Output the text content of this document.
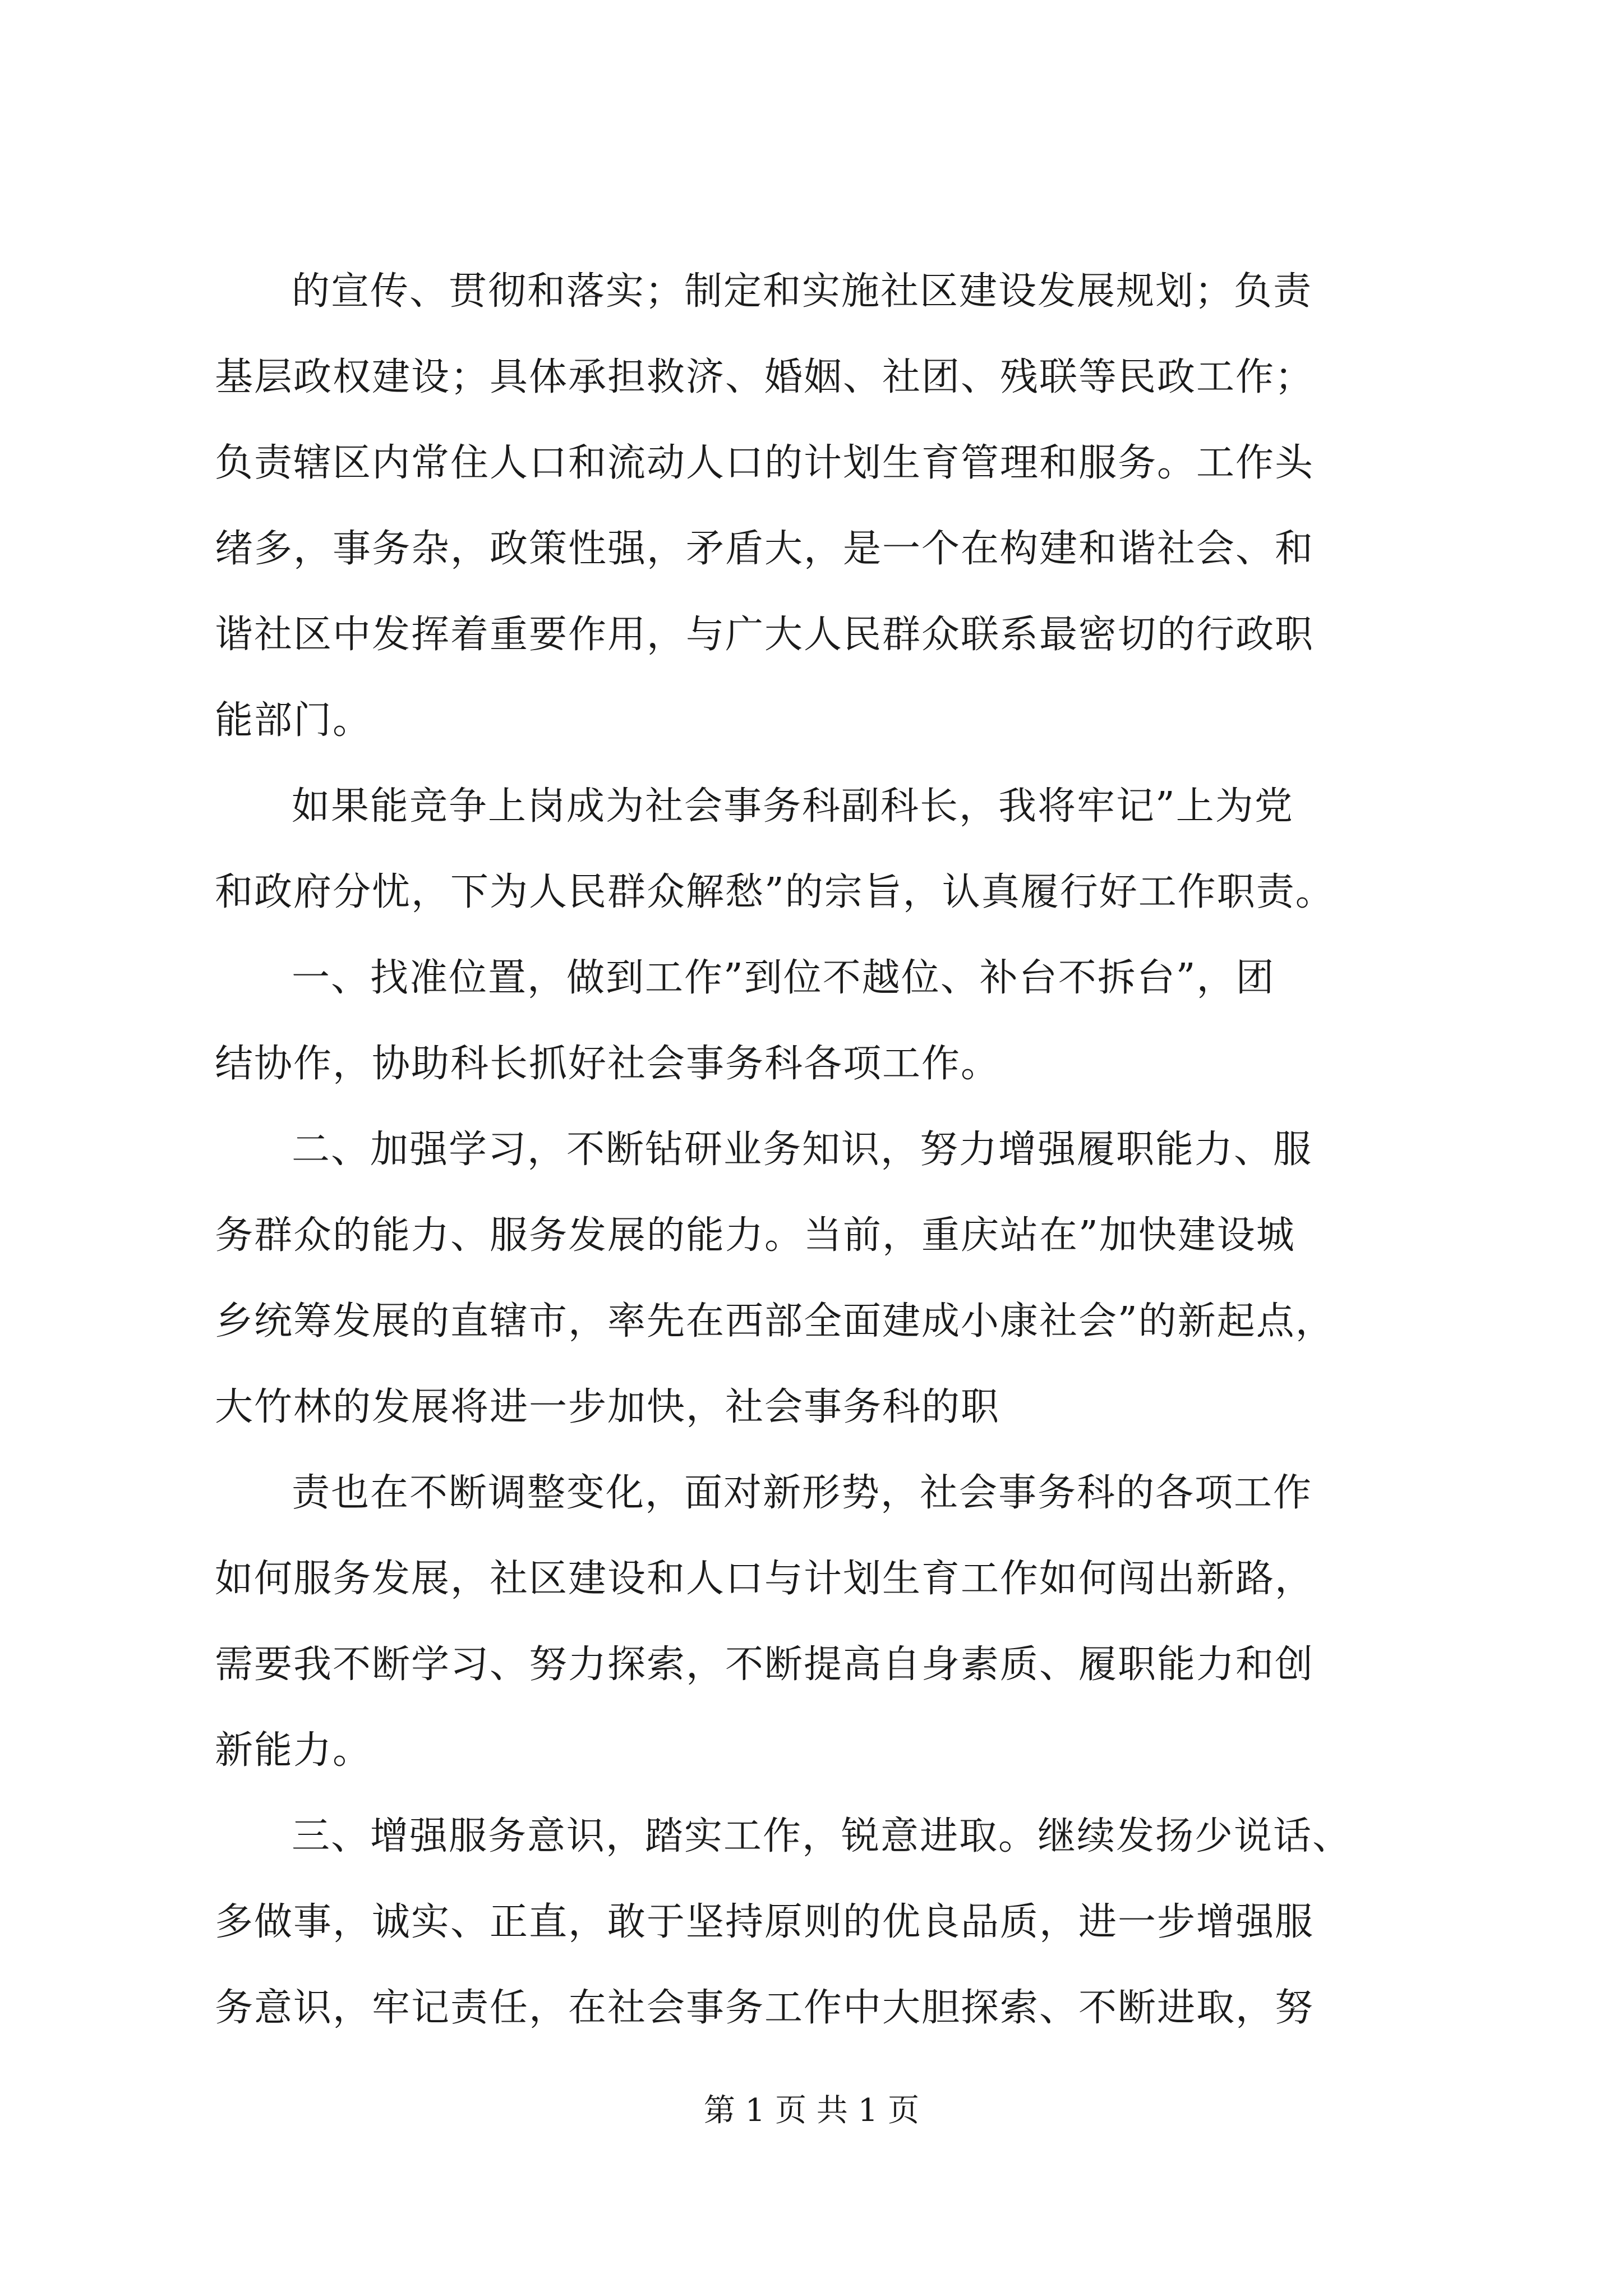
的宣传、贯彻和落实；制定和实施社区建设发展规划；负责

基层政权建设；具体承担救济、婚姻、社团、残联等民政工作；

负责辖区内常住人口和流动人口的计划生育管理和服务。工作头

绪多，事务杂，政策性强，矛盾大，是一个在构建和谐社会、和

谐社区中发挥着重要作用，与广大人民群众联系最密切的行政职

能部门。

如果能竞争上岗成为社会事务科副科长，我将牢记”上为党

和政府分忧，下为人民群众解愁”的宗旨，认真履行好工作职责。

一、找准位置，做到工作”到位不越位、补台不拆台”，团

结协作，协助科长抓好社会事务科各项工作。

二、加强学习，不断钻研业务知识，努力增强履职能力、服

务群众的能力、服务发展的能力。当前，重庆站在”加快建设城

乡统筹发展的直辖市，率先在西部全面建成小康社会”的新起点，

大竹林的发展将进一步加快，社会事务科的职

责也在不断调整变化，面对新形势，社会事务科的各项工作

如何服务发展，社区建设和人口与计划生育工作如何闯出新路，

需要我不断学习、努力探索，不断提高自身素质、履职能力和创

新能力。

三、增强服务意识，踏实工作，锐意进取。继续发扬少说话、

多做事，诚实、正直，敢于坚持原则的优良品质，进一步增强服

务意识，牢记责任，在社会事务工作中大胆探索、不断进取，努

第 1 页 共 1 页
